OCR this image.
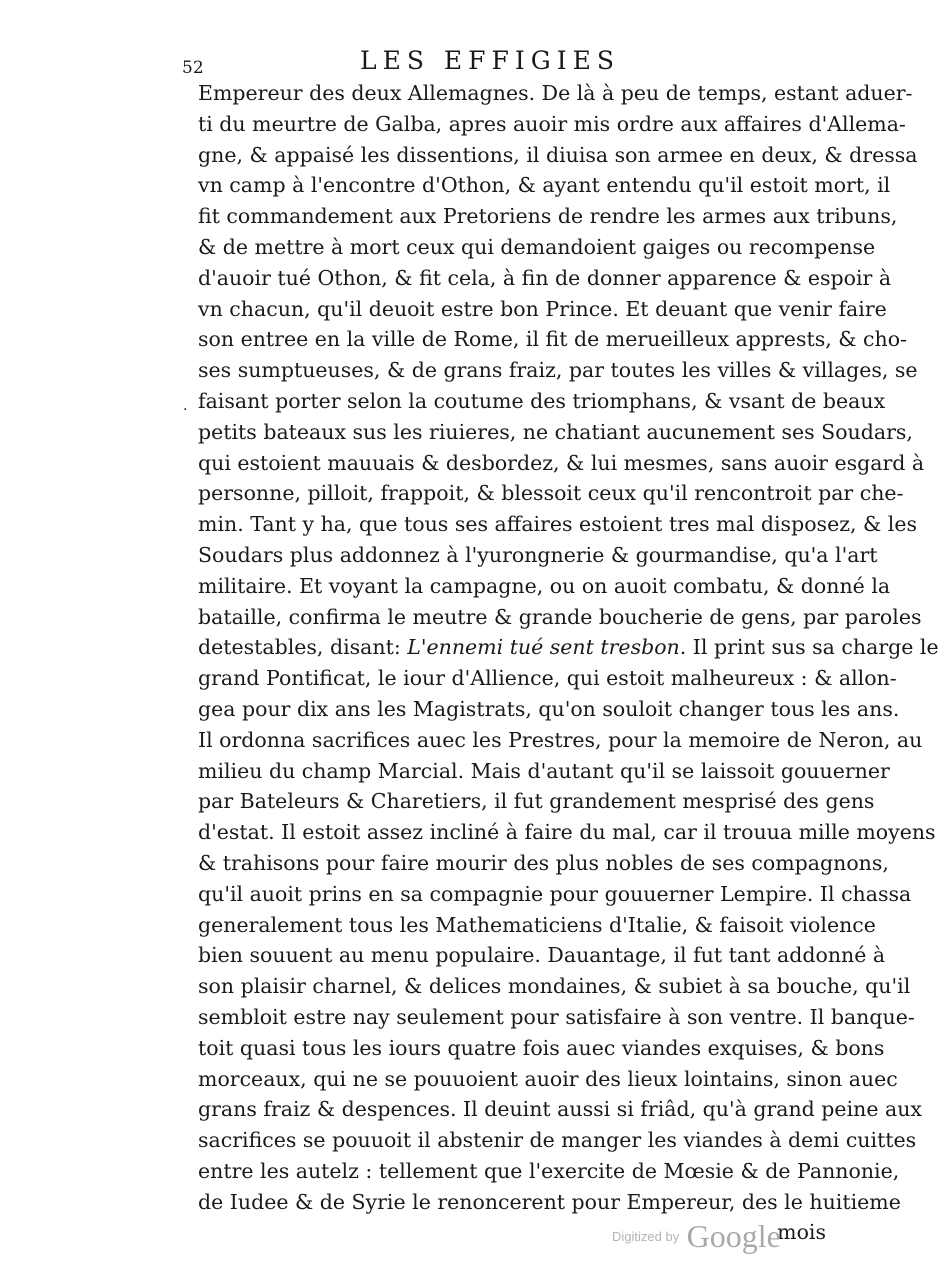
52	LES EFFIGIES
.
Empereur des deux Allemagnes. De là à peu de temps, estant aduer-
ti du meurtre de Galba, apres auoir mis ordre aux affaires d'Allema-
gne, & appaisé les dissentions, il diuisa son armee en deux, & dressa
vn camp à l'encontre d'Othon, & ayant entendu qu'il estoit mort, il
fit commandement aux Pretoriens de rendre les armes aux tribuns,
& de mettre à mort ceux qui demandoient gaiges ou recompense
d'auoir tué Othon, & fit cela, à fin de donner apparence & espoir à
vn chacun, qu'il deuoit estre bon Prince. Et deuant que venir faire
son entree en la ville de Rome, il fit de merueilleux apprests, & cho-
ses sumptueuses, & de grans fraiz, par toutes les villes & villages, se
faisant porter selon la coutume des triomphans, & vsant de beaux
petits bateaux sus les riuieres, ne chatiant aucunement ses Soudars,
qui estoient mauuais & desbordez, & lui mesmes, sans auoir esgard à
personne, pilloit, frappoit, & blessoit ceux qu'il rencontroit par che-
min. Tant y ha, que tous ses affaires estoient tres mal disposez, & les
Soudars plus addonnez à l'yurongnerie & gourmandise, qu'a l'art
militaire. Et voyant la campagne, ou on auoit combatu, & donné la
bataille, confirma le meutre & grande boucherie de gens, par paroles
detestables, disant: L'ennemi tué sent tresbon. Il print sus sa charge le
grand Pontificat, le iour d'Allience, qui estoit malheureux : & allon-
gea pour dix ans les Magistrats, qu'on souloit changer tous les ans.
Il ordonna sacrifices auec les Prestres, pour la memoire de Neron, au
milieu du champ Marcial. Mais d'autant qu'il se laissoit gouuerner
par Bateleurs & Charetiers, il fut grandement mesprisé des gens
d'estat. Il estoit assez incliné à faire du mal, car il trouua mille moyens
& trahisons pour faire mourir des plus nobles de ses compagnons,
qu'il auoit prins en sa compagnie pour gouuerner Lempire. Il chassa
generalement tous les Mathematiciens d'Italie, & faisoit violence
bien souuent au menu populaire. Dauantage, il fut tant addonné à
son plaisir charnel, & delices mondaines, & subiet à sa bouche, qu'il
sembloit estre nay seulement pour satisfaire à son ventre. Il banque-
toit quasi tous les iours quatre fois auec viandes exquises, & bons
morceaux, qui ne se pouuoient auoir des lieux lointains, sinon auec
grans fraiz & despences. Il deuint aussi si friâd, qu'à grand peine aux
sacrifices se pouuoit il abstenir de manger les viandes à demi cuittes
entre les autelz : tellement que l'exercite de Mœsie & de Pannonie,
de Iudee & de Syrie le renoncerent pour Empereur, des le huitieme
mois
Digitized by Google
